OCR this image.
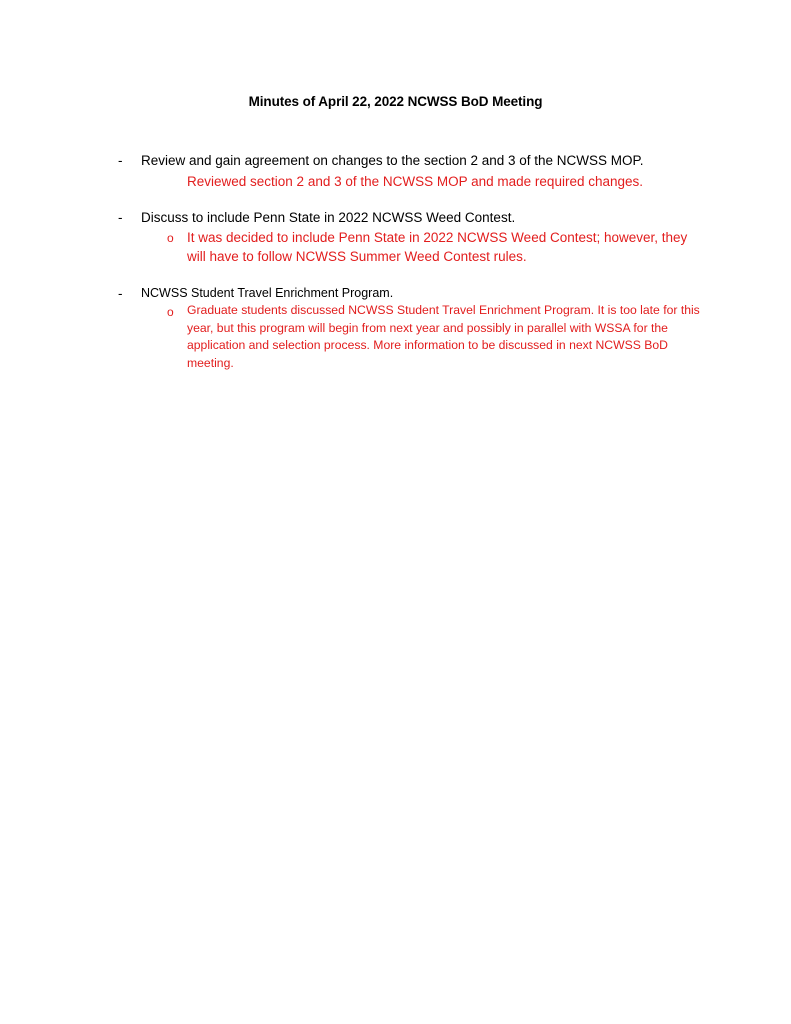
Minutes of April 22, 2022 NCWSS BoD Meeting
- Review and gain agreement on changes to the section 2 and 3 of the NCWSS MOP.
Reviewed section 2 and 3 of the NCWSS MOP and made required changes.
- Discuss to include Penn State in 2022 NCWSS Weed Contest.
o It was decided to include Penn State in 2022 NCWSS Weed Contest; however, they will have to follow NCWSS Summer Weed Contest rules.
- NCWSS Student Travel Enrichment Program.
o Graduate students discussed NCWSS Student Travel Enrichment Program. It is too late for this year, but this program will begin from next year and possibly in parallel with WSSA for the application and selection process. More information to be discussed in next NCWSS BoD meeting.
